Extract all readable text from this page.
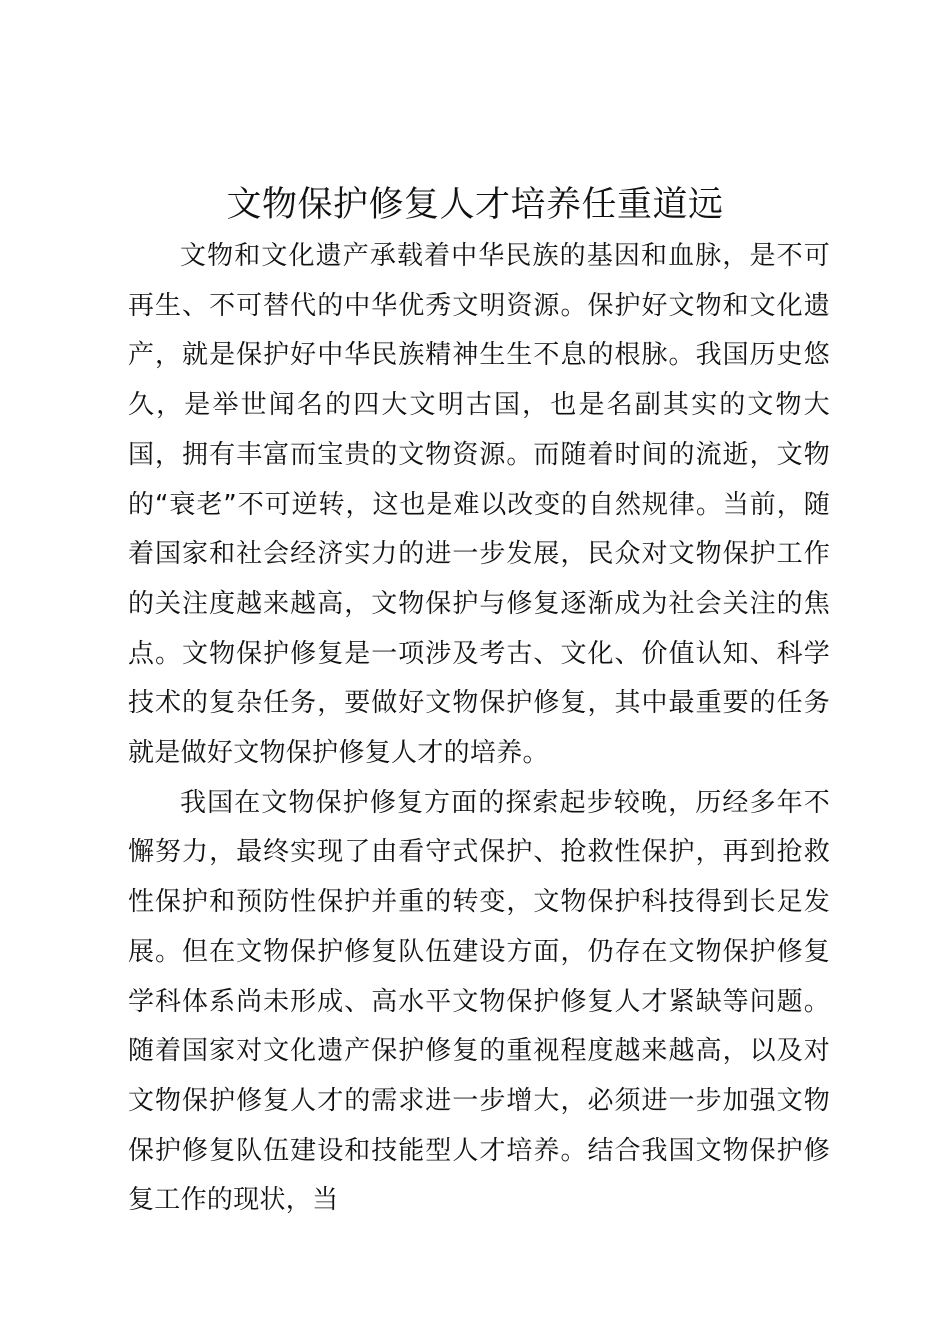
文物保护修复人才培养任重道远

文物和文化遗产承载着中华民族的基因和血脉，是不可再生、不可替代的中华优秀文明资源。保护好文物和文化遗产，就是保护好中华民族精神生生不息的根脉。我国历史悠久，是举世闻名的四大文明古国，也是名副其实的文物大国，拥有丰富而宝贵的文物资源。而随着时间的流逝，文物的“衰老”不可逆转，这也是难以改变的自然规律。当前，随着国家和社会经济实力的进一步发展，民众对文物保护工作的关注度越来越高，文物保护与修复逐渐成为社会关注的焦点。文物保护修复是一项涉及考古、文化、价值认知、科学技术的复杂任务，要做好文物保护修复，其中最重要的任务就是做好文物保护修复人才的培养。

我国在文物保护修复方面的探索起步较晚，历经多年不懈努力，最终实现了由看守式保护、抢救性保护，再到抢救性保护和预防性保护并重的转变，文物保护科技得到长足发展。但在文物保护修复队伍建设方面，仍存在文物保护修复学科体系尚未形成、高水平文物保护修复人才紧缺等问题。随着国家对文化遗产保护修复的重视程度越来越高，以及对文物保护修复人才的需求进一步增大，必须进一步加强文物保护修复队伍建设和技能型人才培养。结合我国文物保护修复工作的现状，当
